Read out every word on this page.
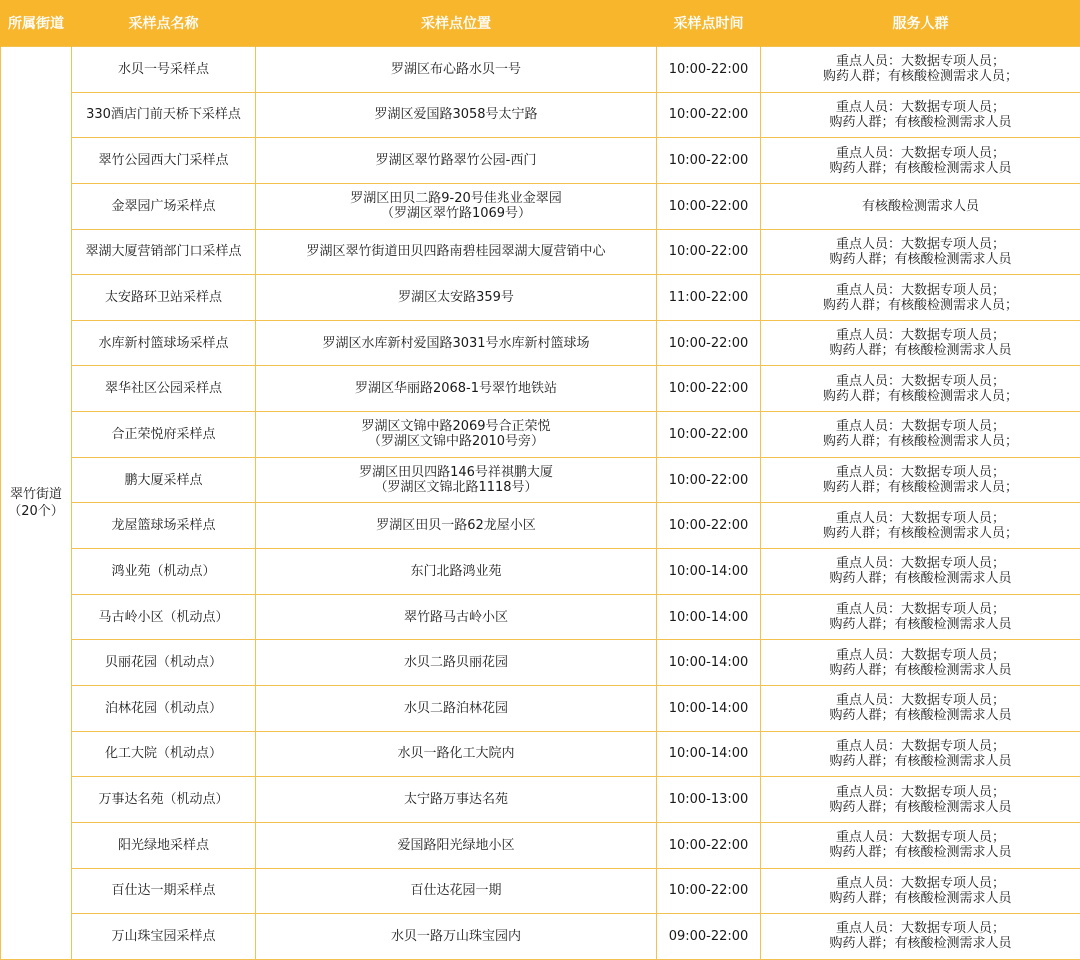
所属街道	采样点名称	采样点位置	采样点时间	服务人群

翠竹街道
（20个）	水贝一号采样点	罗湖区布心路水贝一号	10:00-22:00	重点人员：大数据专项人员；
购药人群；有核酸检测需求人员；

	330酒店门前天桥下采样点	罗湖区爱国路3058号太宁路	10:00-22:00	重点人员：大数据专项人员；
购药人群；有核酸检测需求人员

	翠竹公园西大门采样点	罗湖区翠竹路翠竹公园-西门	10:00-22:00	重点人员：大数据专项人员；
购药人群；有核酸检测需求人员

	金翠园广场采样点	罗湖区田贝二路9-20号佳兆业金翠园
（罗湖区翠竹路1069号）	10:00-22:00	有核酸检测需求人员

	翠湖大厦营销部门口采样点	罗湖区翠竹街道田贝四路南碧桂园翠湖大厦营销中心	10:00-22:00	重点人员：大数据专项人员；
购药人群；有核酸检测需求人员

	太安路环卫站采样点	罗湖区太安路359号	11:00-22:00	重点人员：大数据专项人员；
购药人群；有核酸检测需求人员；

	水库新村篮球场采样点	罗湖区水库新村爱国路3031号水库新村篮球场	10:00-22:00	重点人员：大数据专项人员；
购药人群；有核酸检测需求人员

	翠华社区公园采样点	罗湖区华丽路2068-1号翠竹地铁站	10:00-22:00	重点人员：大数据专项人员；
购药人群；有核酸检测需求人员；

	合正荣悦府采样点	罗湖区文锦中路2069号合正荣悦
（罗湖区文锦中路2010号旁）	10:00-22:00	重点人员：大数据专项人员；
购药人群；有核酸检测需求人员；

	鹏大厦采样点	罗湖区田贝四路146号祥祺鹏大厦
（罗湖区文锦北路1118号）	10:00-22:00	重点人员：大数据专项人员；
购药人群；有核酸检测需求人员；

	龙屋篮球场采样点	罗湖区田贝一路62龙屋小区	10:00-22:00	重点人员：大数据专项人员；
购药人群；有核酸检测需求人员；

	鸿业苑（机动点）	东门北路鸿业苑	10:00-14:00	重点人员：大数据专项人员；
购药人群；有核酸检测需求人员

	马古岭小区（机动点）	翠竹路马古岭小区	10:00-14:00	重点人员：大数据专项人员；
购药人群；有核酸检测需求人员

	贝丽花园（机动点）	水贝二路贝丽花园	10:00-14:00	重点人员：大数据专项人员；
购药人群；有核酸检测需求人员

	泊林花园（机动点）	水贝二路泊林花园	10:00-14:00	重点人员：大数据专项人员；
购药人群；有核酸检测需求人员

	化工大院（机动点）	水贝一路化工大院内	10:00-14:00	重点人员：大数据专项人员；
购药人群；有核酸检测需求人员

	万事达名苑（机动点）	太宁路万事达名苑	10:00-13:00	重点人员：大数据专项人员；
购药人群；有核酸检测需求人员

	阳光绿地采样点	爱国路阳光绿地小区	10:00-22:00	重点人员：大数据专项人员；
购药人群；有核酸检测需求人员

	百仕达一期采样点	百仕达花园一期	10:00-22:00	重点人员：大数据专项人员；
购药人群；有核酸检测需求人员

	万山珠宝园采样点	水贝一路万山珠宝园内	09:00-22:00	重点人员：大数据专项人员；
购药人群；有核酸检测需求人员
